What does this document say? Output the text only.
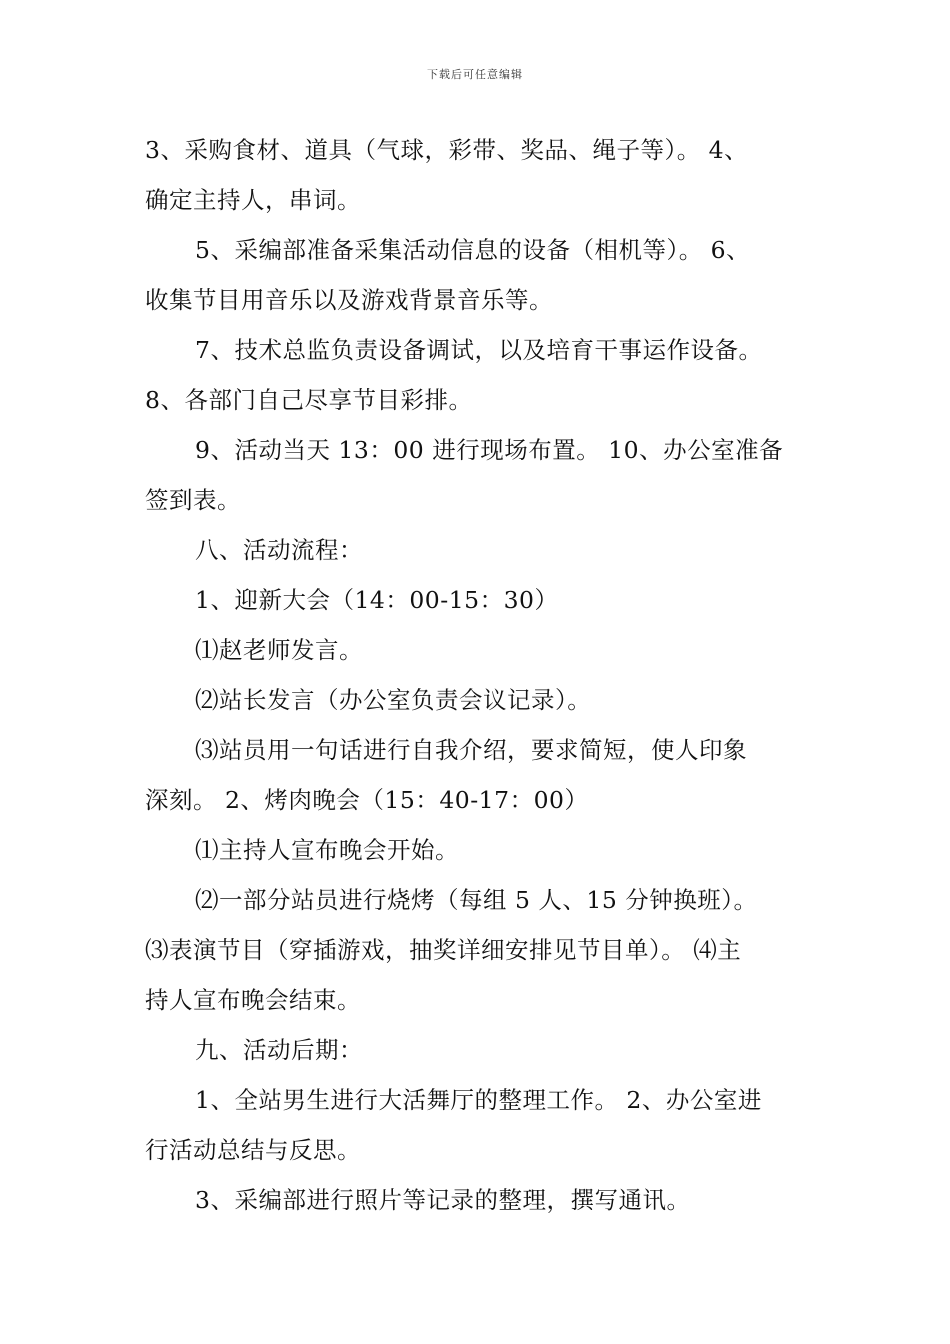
下载后可任意编辑

3、采购食材、道具（气球，彩带、奖品、绳子等）。 4、

确定主持人，串词。

5、采编部准备采集活动信息的设备（相机等）。 6、

收集节目用音乐以及游戏背景音乐等。

7、技术总监负责设备调试，以及培育干事运作设备。

8、各部门自己尽享节目彩排。

9、活动当天 13：00 进行现场布置。 10、办公室准备

签到表。

八、活动流程：

1、迎新大会（14：00-15：30）

⑴赵老师发言。

⑵站长发言（办公室负责会议记录）。

⑶站员用一句话进行自我介绍，要求简短，使人印象

深刻。 2、烤肉晚会（15：40-17：00）

⑴主持人宣布晚会开始。

⑵一部分站员进行烧烤（每组 5 人、15 分钟换班）。

⑶表演节目（穿插游戏，抽奖详细安排见节目单）。 ⑷主

持人宣布晚会结束。

九、活动后期：

1、全站男生进行大活舞厅的整理工作。 2、办公室进

行活动总结与反思。

3、采编部进行照片等记录的整理，撰写通讯。
